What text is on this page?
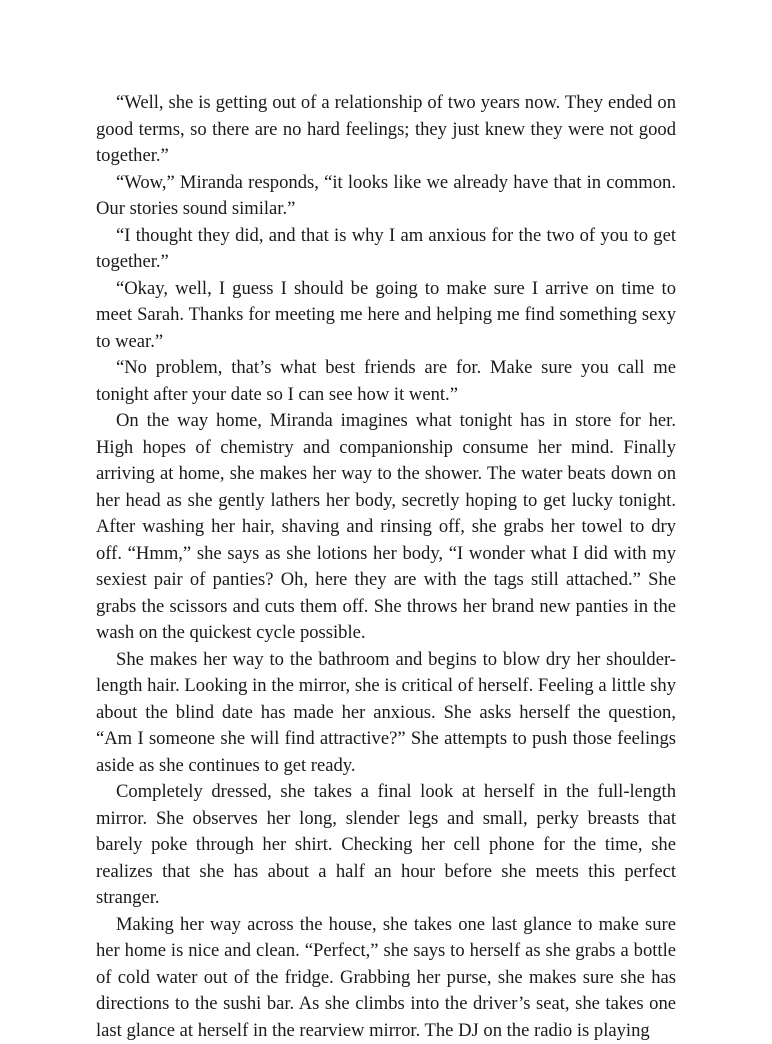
“Well, she is getting out of a relationship of two years now. They ended on good terms, so there are no hard feelings; they just knew they were not good together.”

“Wow,” Miranda responds, “it looks like we already have that in common. Our stories sound similar.”

“I thought they did, and that is why I am anxious for the two of you to get together.”

“Okay, well, I guess I should be going to make sure I arrive on time to meet Sarah. Thanks for meeting me here and helping me find something sexy to wear.”

“No problem, that’s what best friends are for. Make sure you call me tonight after your date so I can see how it went.”

On the way home, Miranda imagines what tonight has in store for her. High hopes of chemistry and companionship consume her mind. Finally arriving at home, she makes her way to the shower. The water beats down on her head as she gently lathers her body, secretly hoping to get lucky tonight. After washing her hair, shaving and rinsing off, she grabs her towel to dry off. “Hmm,” she says as she lotions her body, “I wonder what I did with my sexiest pair of panties? Oh, here they are with the tags still attached.” She grabs the scissors and cuts them off. She throws her brand new panties in the wash on the quickest cycle possible.

She makes her way to the bathroom and begins to blow dry her shoulder-length hair. Looking in the mirror, she is critical of herself. Feeling a little shy about the blind date has made her anxious. She asks herself the question, “Am I someone she will find attractive?” She attempts to push those feelings aside as she continues to get ready.

Completely dressed, she takes a final look at herself in the full-length mirror. She observes her long, slender legs and small, perky breasts that barely poke through her shirt. Checking her cell phone for the time, she realizes that she has about a half an hour before she meets this perfect stranger.

Making her way across the house, she takes one last glance to make sure her home is nice and clean. “Perfect,” she says to herself as she grabs a bottle of cold water out of the fridge. Grabbing her purse, she makes sure she has directions to the sushi bar. As she climbs into the driver’s seat, she takes one last glance at herself in the rearview mirror. The DJ on the radio is playing
